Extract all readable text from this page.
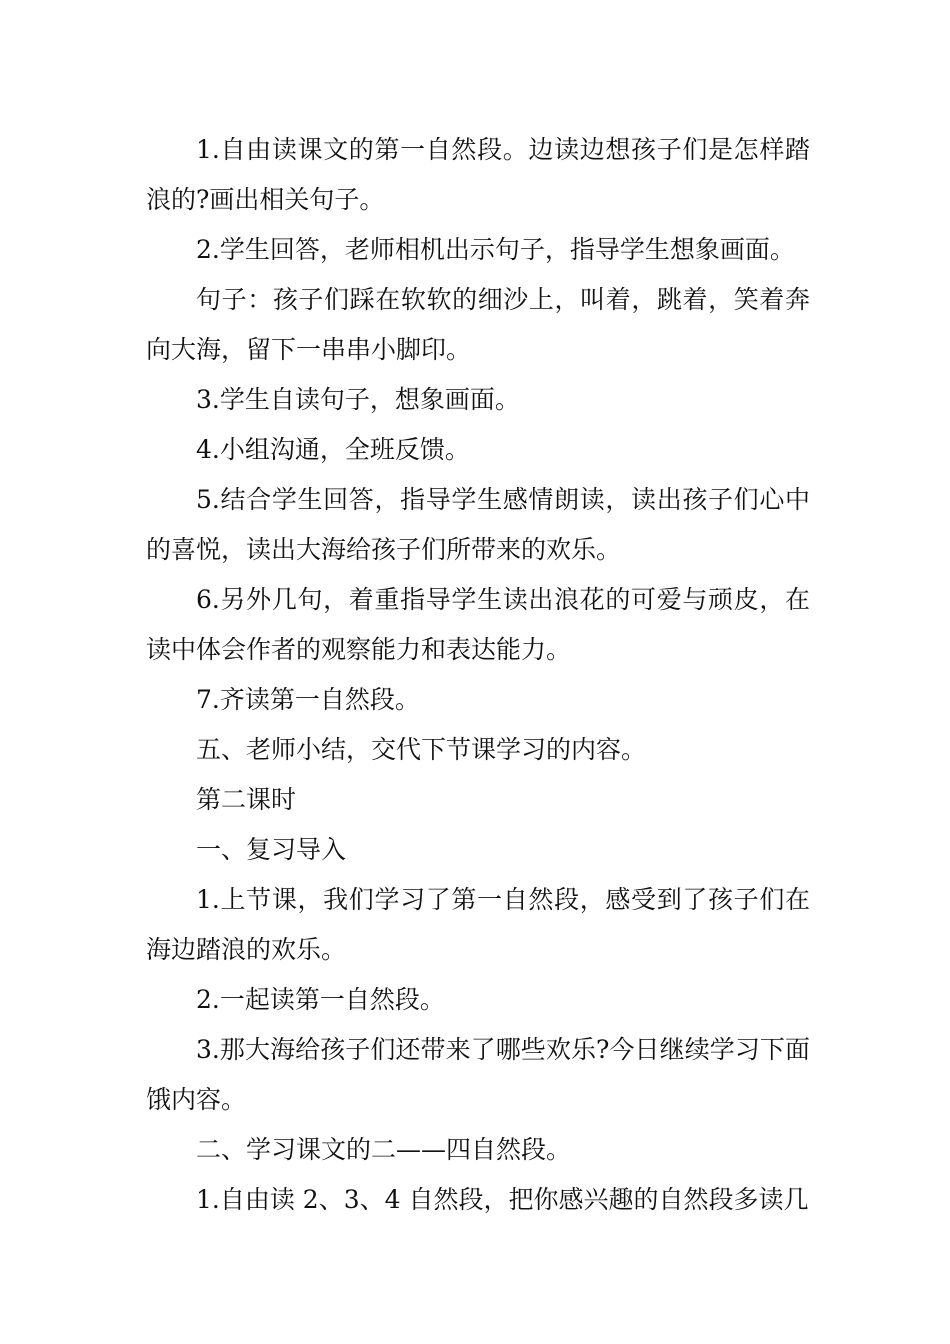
1.自由读课文的第一自然段。边读边想孩子们是怎样踏浪的?画出相关句子。

2.学生回答，老师相机出示句子，指导学生想象画面。

句子：孩子们踩在软软的细沙上，叫着，跳着，笑着奔向大海，留下一串串小脚印。

3.学生自读句子，想象画面。

4.小组沟通，全班反馈。

5.结合学生回答，指导学生感情朗读，读出孩子们心中的喜悦，读出大海给孩子们所带来的欢乐。

6.另外几句，着重指导学生读出浪花的可爱与顽皮，在读中体会作者的观察能力和表达能力。

7.齐读第一自然段。

五、老师小结，交代下节课学习的内容。

第二课时

一、复习导入

1.上节课，我们学习了第一自然段，感受到了孩子们在海边踏浪的欢乐。

2.一起读第一自然段。

3.那大海给孩子们还带来了哪些欢乐?今日继续学习下面饿内容。

二、学习课文的二——四自然段。

1.自由读 2、3、4 自然段，把你感兴趣的自然段多读几
